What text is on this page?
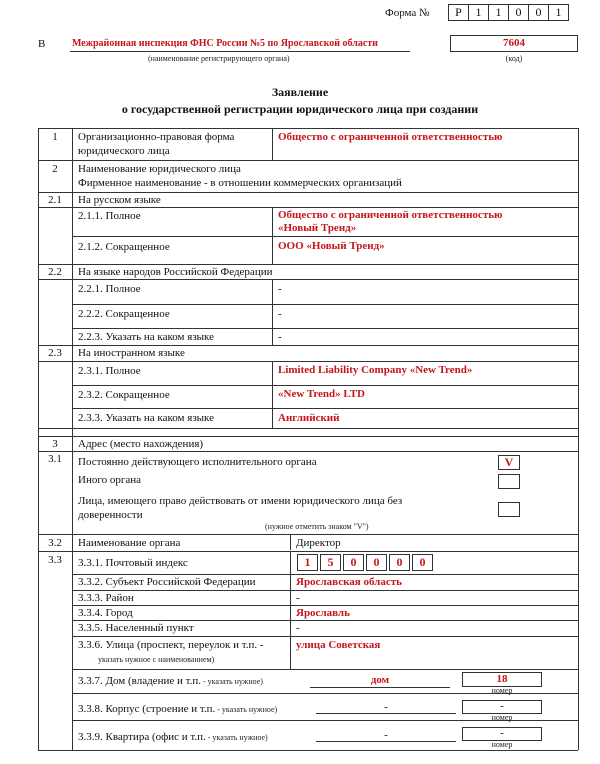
Форма №	Р	1	1	0	0	1
В	Межрайонная инспекция ФНС России №5 по Ярославской области
(наименование регистрирующего органа)
7604
(код)
Заявление
о государственной регистрации юридического лица при создании
1	Организационно-правовая форма
юридического лица
Общество с ограниченной ответственностью
2	Наименование юридического лица
Фирменное наименование - в отношении коммерческих организаций
2.1	На русском языке
2.1.1. Полное	Общество с ограниченной ответственностью
«Новый Тренд»
2.1.2. Сокращенное	ООО «Новый Тренд»
2.2	На языке народов Российской Федерации
2.2.1. Полное	-
2.2.2. Сокращенное	-
2.2.3. Указать на каком языке	-
2.3	На иностранном языке
2.3.1. Полное	Limited Liability Company «New Trend»
2.3.2. Сокращенное	«New Trend» LTD
2.3.3. Указать на каком языке	Английский
3	Адрес (место нахождения)
3.1	Постоянно действующего исполнительного органа	V
Иного органа
Лица, имеющего право действовать от имени юридического лица без
доверенности
(нужное отметить знаком "V")
3.2	Наименование органа	Директор
3.3	3.3.1. Почтовый индекс	1	5	0	0	0	0
3.3.2. Субъект Российской Федерации	Ярославская область
3.3.3. Район	-
3.3.4. Город	Ярославль
3.3.5. Населенный пункт	-
3.3.6. Улица (проспект, переулок и т.п. -
указать нужное с наименованием)
улица Советская
3.3.7. Дом (владение и т.п. - указать нужное)	дом	18
номер
3.3.8. Корпус (строение и т.п. - указать нужное)	-	-
номер
3.3.9. Квартира (офис и т.п. - указать нужное)	-	-
номер
